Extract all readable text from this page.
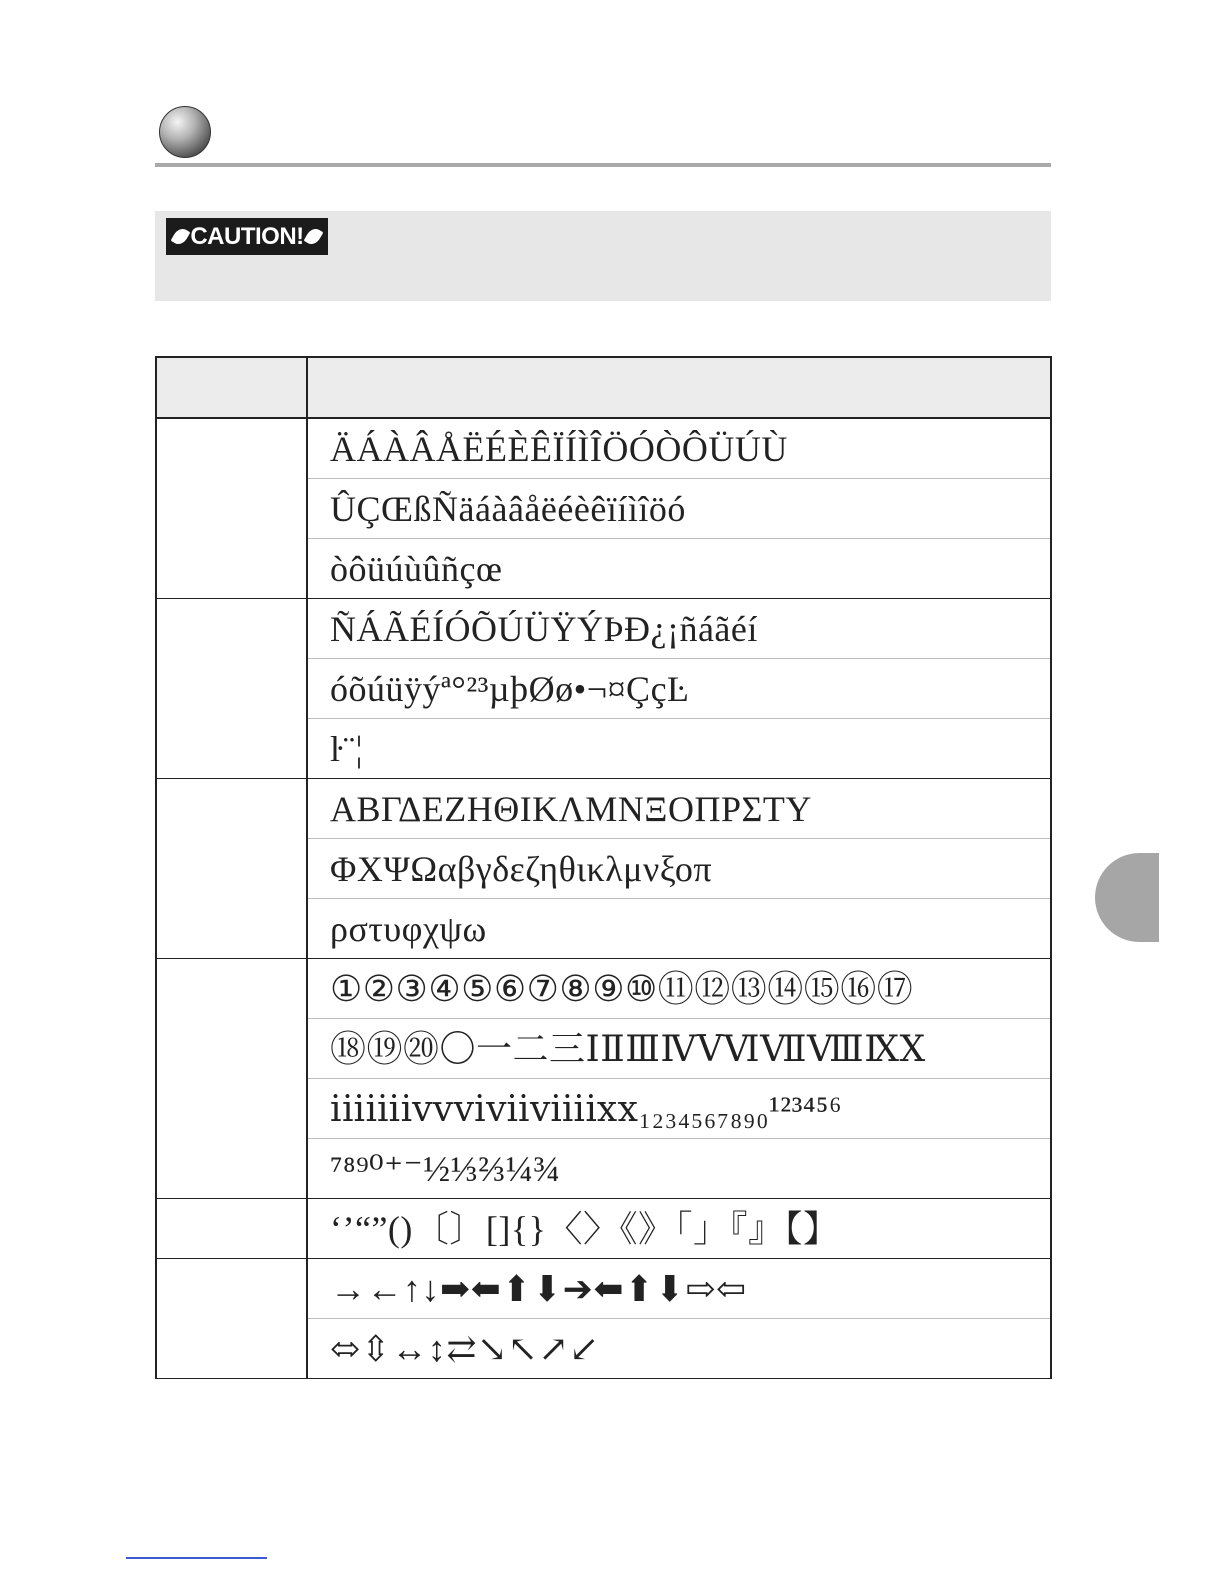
CAUTION!

	ÄÁÀÂÅËÉÈÊÏÍÌÎÖÓÒÔÜÚÙ
	ÛÇŒßÑäáàâåëéèêïíìîöó
	òôüúùûñçœ
	ÑÁÃÉÍÓÕÚÜŸÝÞĐ¿¡ñáãéí
	óõúüÿýª°²³µþØø•¬¤ÇçĿ
	ŀ¨¦
	ΑΒΓΔΕΖΗΘΙΚΛΜΝΞΟΠΡΣΤΥ
	ΦΧΨΩαβγδεζηθικλμνξοπ
	ρστυφχψω
	①②③④⑤⑥⑦⑧⑨⑩⑪⑫⑬⑭⑮⑯⑰
	⑱⑲⑳〇一二三ⅠⅡⅢⅣⅤⅥⅦⅧⅨⅩ
	ⅰⅱⅲⅳⅴⅵⅶⅷⅸⅹ₁₂₃₄₅₆₇₈₉₀¹²³⁴⁵⁶
	⁷⁸⁹⁰⁺⁻½⅓⅔¼¾
	‘’“”()〔〕[]{}〈〉《》「」『』【】
	→←↑↓➡⬅⬆⬇➔⬅⬆⬇⇨⇦
	⬄⇳↔↕⇄↘↖↗↙
